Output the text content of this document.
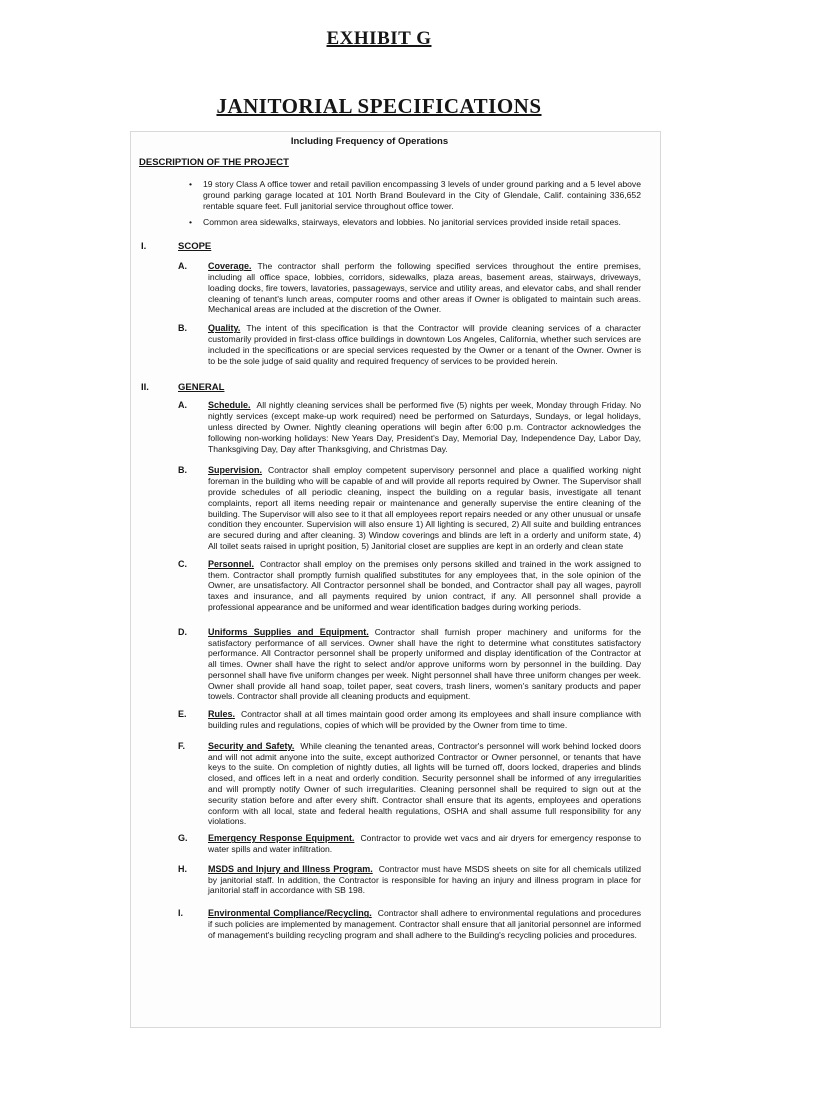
EXHIBIT G
JANITORIAL SPECIFICATIONS
Including Frequency of Operations
DESCRIPTION OF THE PROJECT
•	19 story Class A office tower and retail pavilion encompassing 3 levels of under ground parking and a 5 level above ground parking garage located at 101 North Brand Boulevard in the City of Glendale, Calif. containing 336,652 rentable square feet. Full janitorial service throughout office tower.
•	Common area sidewalks, stairways, elevators and lobbies. No janitorial services provided inside retail spaces.
I.	SCOPE
A.	Coverage. The contractor shall perform the following specified services throughout the entire premises, including all office space, lobbies, corridors, sidewalks, plaza areas, basement areas, stairways, driveways, loading docks, fire towers, lavatories, passageways, service and utility areas, and elevator cabs, and shall render cleaning of tenant's lunch areas, computer rooms and other areas if Owner is obligated to maintain such areas. Mechanical areas are included at the discretion of the Owner.
B.	Quality. The intent of this specification is that the Contractor will provide cleaning services of a character customarily provided in first-class office buildings in downtown Los Angeles, California, whether such services are included in the specifications or are special services requested by the Owner or a tenant of the Owner. Owner is to be the sole judge of said quality and required frequency of services to be provided herein.
II.	GENERAL
A.	Schedule. All nightly cleaning services shall be performed five (5) nights per week, Monday through Friday. No nightly services (except make-up work required) need be performed on Saturdays, Sundays, or legal holidays, unless directed by Owner. Nightly cleaning operations will begin after 6:00 p.m. Contractor acknowledges the following non-working holidays: New Years Day, President's Day, Memorial Day, Independence Day, Labor Day, Thanksgiving Day, Day after Thanksgiving, and Christmas Day.
B.	Supervision. Contractor shall employ competent supervisory personnel and place a qualified working night foreman in the building who will be capable of and will provide all reports required by Owner. The Supervisor shall provide schedules of all periodic cleaning, inspect the building on a regular basis, investigate all tenant complaints, report all items needing repair or maintenance and generally supervise the entire cleaning of the building. The Supervisor will also see to it that all employees report repairs needed or any other unusual or unsafe condition they encounter. Supervision will also ensure 1) All lighting is secured, 2) All suite and building entrances are secured during and after cleaning. 3) Window coverings and blinds are left in a orderly and uniform state, 4) All toilet seats raised in upright position, 5) Janitorial closet are supplies are kept in an orderly and clean state
C.	Personnel. Contractor shall employ on the premises only persons skilled and trained in the work assigned to them. Contractor shall promptly furnish qualified substitutes for any employees that, in the sole opinion of the Owner, are unsatisfactory. All Contractor personnel shall be bonded, and Contractor shall pay all wages, payroll taxes and insurance, and all payments required by union contract, if any. All personnel shall provide a professional appearance and be uniformed and wear identification badges during working periods.
D.	Uniforms Supplies and Equipment. Contractor shall furnish proper machinery and uniforms for the satisfactory performance of all services. Owner shall have the right to determine what constitutes satisfactory performance. All Contractor personnel shall be properly uniformed and display identification of the Contractor at all times. Owner shall have the right to select and/or approve uniforms worn by personnel in the building. Day personnel shall have five uniform changes per week. Night personnel shall have three uniform changes per week. Owner shall provide all hand soap, toilet paper, seat covers, trash liners, women's sanitary products and paper towels. Contractor shall provide all cleaning products and equipment.
E.	Rules. Contractor shall at all times maintain good order among its employees and shall insure compliance with building rules and regulations, copies of which will be provided by the Owner from time to time.
F.	Security and Safety. While cleaning the tenanted areas, Contractor's personnel will work behind locked doors and will not admit anyone into the suite, except authorized Contractor or Owner personnel, or tenants that have keys to the suite. On completion of nightly duties, all lights will be turned off, doors locked, draperies and blinds closed, and offices left in a neat and orderly condition. Security personnel shall be informed of any irregularities and will promptly notify Owner of such irregularities. Cleaning personnel shall be required to sign out at the security station before and after every shift. Contractor shall ensure that its agents, employees and operations conform with all local, state and federal health regulations, OSHA and shall assume full responsibility for any violations.
G.	Emergency Response Equipment. Contractor to provide wet vacs and air dryers for emergency response to water spills and water infiltration.
H.	MSDS and Injury and Illness Program. Contractor must have MSDS sheets on site for all chemicals utilized by janitorial staff. In addition, the Contractor is responsible for having an injury and illness program in place for janitorial staff in accordance with SB 198.
I.	Environmental Compliance/Recycling. Contractor shall adhere to environmental regulations and procedures if such policies are implemented by management. Contractor shall ensure that all janitorial personnel are informed of management's building recycling program and shall adhere to the Building's recycling policies and procedures.
